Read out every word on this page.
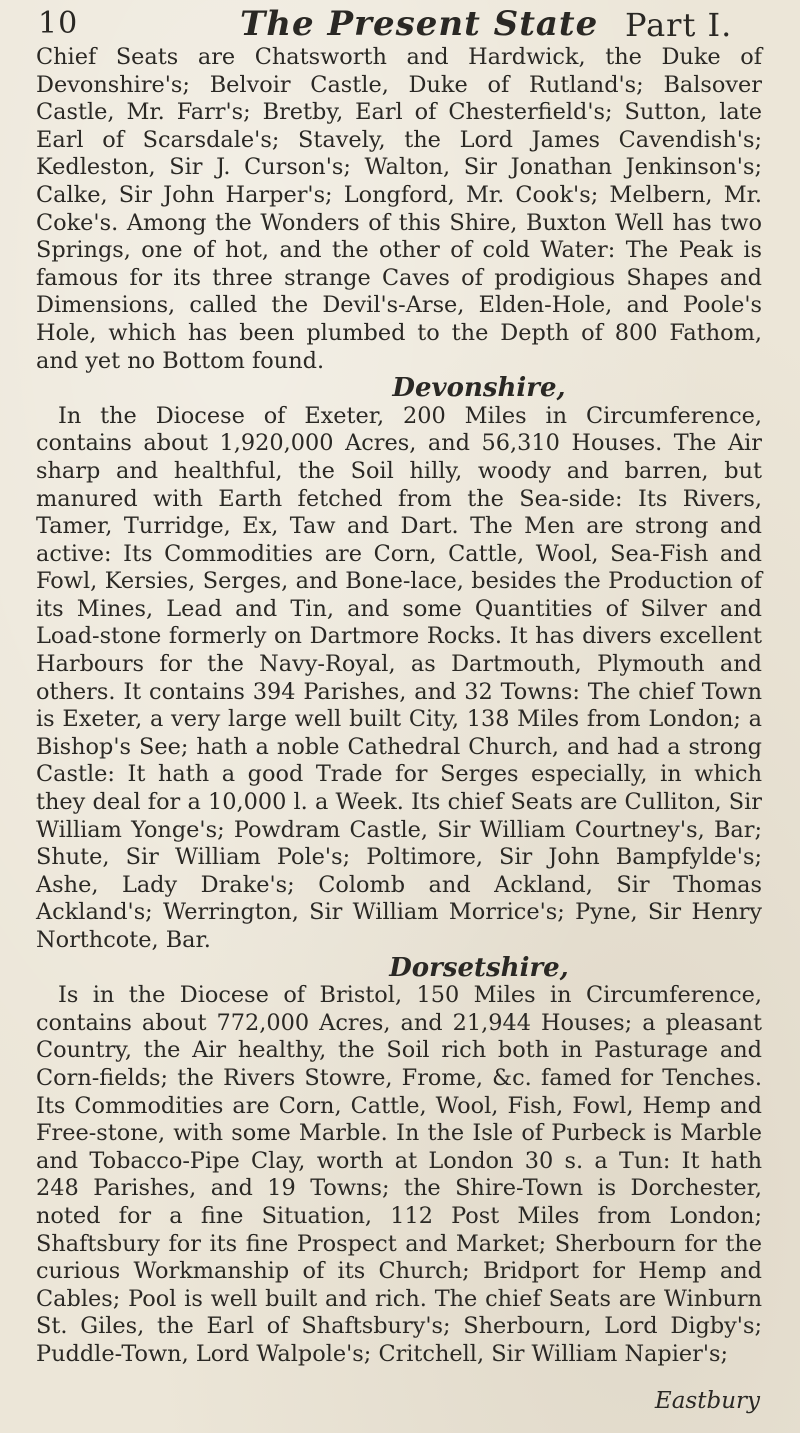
10	The Present State Part I.

Chief Seats are Chatsworth and Hardwick, the Duke of Devonshire's; Belvoir Castle, Duke of Rutland's; Balsover Castle, Mr. Farr's; Bretby, Earl of Chesterfield's; Sutton, late Earl of Scarsdale's; Stavely, the Lord James Cavendish's; Kedleston, Sir J. Curson's; Walton, Sir Jonathan Jenkinson's; Calke, Sir John Harper's; Longford, Mr. Cook's; Melbern, Mr. Coke's. Among the Wonders of this Shire, Buxton Well has two Springs, one of hot, and the other of cold Water: The Peak is famous for its three strange Caves of prodigious Shapes and Dimensions, called the Devil's-Arse, Elden-Hole, and Poole's Hole, which has been plumbed to the Depth of 800 Fathom, and yet no Bottom found.

Devonshire,

In the Diocese of Exeter, 200 Miles in Circumference, contains about 1,920,000 Acres, and 56,310 Houses. The Air sharp and healthful, the Soil hilly, woody and barren, but manured with Earth fetched from the Sea-side: Its Rivers, Tamer, Turridge, Ex, Taw and Dart. The Men are strong and active: Its Commodities are Corn, Cattle, Wool, Sea-Fish and Fowl, Kersies, Serges, and Bone-lace, besides the Production of its Mines, Lead and Tin, and some Quantities of Silver and Load-stone formerly on Dartmore Rocks. It has divers excellent Harbours for the Navy-Royal, as Dartmouth, Plymouth and others. It contains 394 Parishes, and 32 Towns: The chief Town is Exeter, a very large well built City, 138 Miles from London; a Bishop's See; hath a noble Cathedral Church, and had a strong Castle: It hath a good Trade for Serges especially, in which they deal for a 10,000 l. a Week. Its chief Seats are Culliton, Sir William Yonge's; Powdram Castle, Sir William Courtney's, Bar; Shute, Sir William Pole's; Poltimore, Sir John Bampfylde's; Ashe, Lady Drake's; Colomb and Ackland, Sir Thomas Ackland's; Werrington, Sir William Morrice's; Pyne, Sir Henry Northcote, Bar.

Dorsetshire,

Is in the Diocese of Bristol, 150 Miles in Circumference, contains about 772,000 Acres, and 21,944 Houses; a pleasant Country, the Air healthy, the Soil rich both in Pasturage and Corn-fields; the Rivers Stowre, Frome, &c. famed for Tenches. Its Commodities are Corn, Cattle, Wool, Fish, Fowl, Hemp and Free-stone, with some Marble. In the Isle of Purbeck is Marble and Tobacco-Pipe Clay, worth at London 30 s. a Tun: It hath 248 Parishes, and 19 Towns; the Shire-Town is Dorchester, noted for a fine Situation, 112 Post Miles from London; Shaftsbury for its fine Prospect and Market; Sherbourn for the curious Workmanship of its Church; Bridport for Hemp and Cables; Pool is well built and rich. The chief Seats are Winburn St. Giles, the Earl of Shaftsbury's; Sherbourn, Lord Digby's; Puddle-Town, Lord Walpole's; Critchell, Sir William Napier's;

Eastbury
